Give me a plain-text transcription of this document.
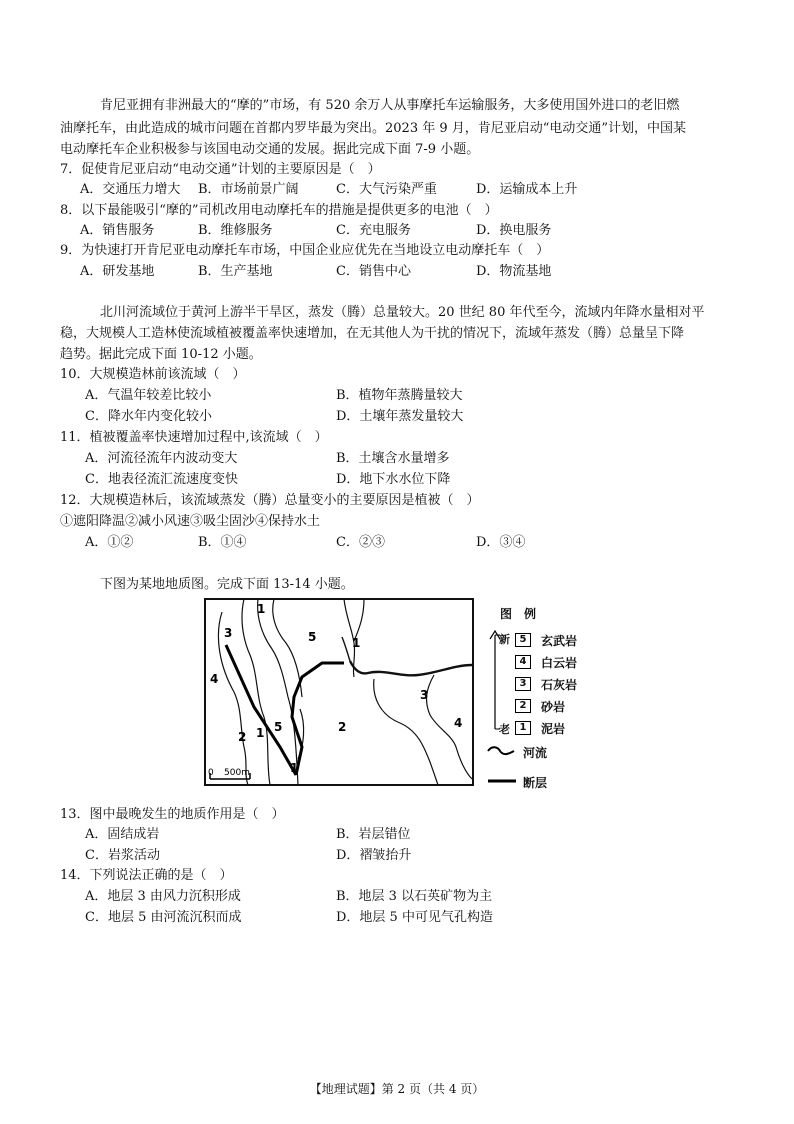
肯尼亚拥有非洲最大的“摩的”市场，有 520 余万人从事摩托车运输服务，大多使用国外进口的老旧燃
油摩托车，由此造成的城市问题在首都内罗毕最为突出。2023 年 9 月，肯尼亚启动“电动交通”计划，中国某
电动摩托车企业积极参与该国电动交通的发展。据此完成下面 7-9 小题。
7．促使肯尼亚启动“电动交通”计划的主要原因是（　）
A．交通压力增大 B．市场前景广阔	C．大气污染严重	D．运输成本上升
8．以下最能吸引“摩的”司机改用电动摩托车的措施是提供更多的电池（　）
A．销售服务	B．维修服务	C．充电服务	D．换电服务
9．为快速打开肯尼亚电动摩托车市场，中国企业应优先在当地设立电动摩托车（　）
A．研发基地	B．生产基地	C．销售中心	D．物流基地
北川河流域位于黄河上游半干旱区，蒸发（腾）总量较大。20 世纪 80 年代至今，流域内年降水量相对平
稳，大规模人工造林使流域植被覆盖率快速增加，在无其他人为干扰的情况下，流域年蒸发（腾）总量呈下降
趋势。据此完成下面 10-12 小题。
10．大规模造林前该流域（　）
A．气温年较差比较小	B．植物年蒸腾量较大
C．降水年内变化较小	D．土壤年蒸发量较大
11．植被覆盖率快速增加过程中,该流域（　）
A．河流径流年内波动变大	B．土壤含水量增多
C．地表径流汇流速度变快	D．地下水水位下降
12．大规模造林后，该流域蒸发（腾）总量变小的主要原因是植被（　）
①遮阳降温②减小风速③吸尘固沙④保持水土
A．①②	B．①④	C．②③	D．③④
下图为某地地质图。完成下面 13-14 小题。
1
3
4
5	1
2
3
4
2 1 5
1
0 500m
图　例
新
老
5	玄武岩
4	白云岩
3	石灰岩
2	砂岩
1	泥岩
河流
断层
13．图中最晚发生的地质作用是（　）
A．固结成岩	B．岩层错位
C．岩浆活动	D．褶皱抬升
14．下列说法正确的是（　）
A．地层 3 由风力沉积形成	B．地层 3 以石英矿物为主
C．地层 5 由河流沉积而成	D．地层 5 中可见气孔构造
【地理试题】第 2 页（共 4 页）
